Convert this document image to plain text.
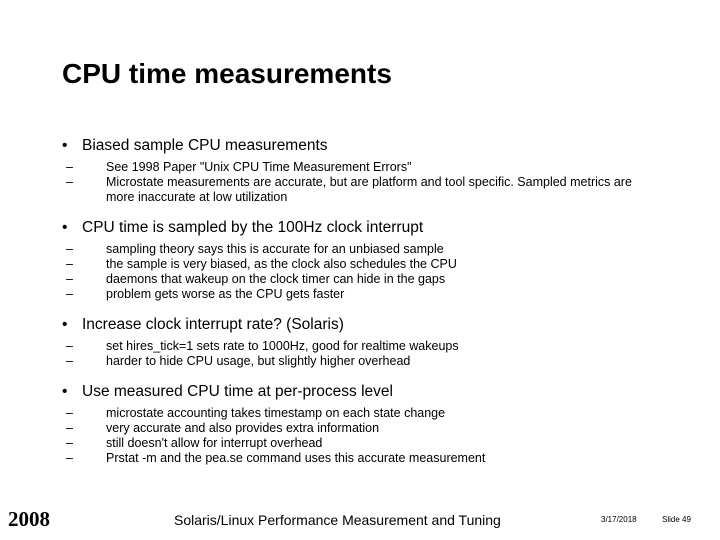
CPU time measurements
• Biased sample CPU measurements
–	See 1998 Paper "Unix CPU Time Measurement Errors"
–	Microstate measurements are accurate, but are platform and tool specific. Sampled metrics are more inaccurate at low utilization
• CPU time is sampled by the 100Hz clock interrupt
–	sampling theory says this is accurate for an unbiased sample
–	the sample is very biased, as the clock also schedules the CPU
–	daemons that wakeup on the clock timer can hide in the gaps
–	problem gets worse as the CPU gets faster
• Increase clock interrupt rate? (Solaris)
–	set hires_tick=1 sets rate to 1000Hz, good for realtime wakeups
–	harder to hide CPU usage, but slightly higher overhead
• Use measured CPU time at per-process level
–	microstate accounting takes timestamp on each state change
–	very accurate and also provides extra information
–	still doesn't allow for interrupt overhead
–	Prstat -m and the pea.se command uses this accurate measurement
2008	Solaris/Linux Performance Measurement and Tuning	3/17/2018	Slide 49
